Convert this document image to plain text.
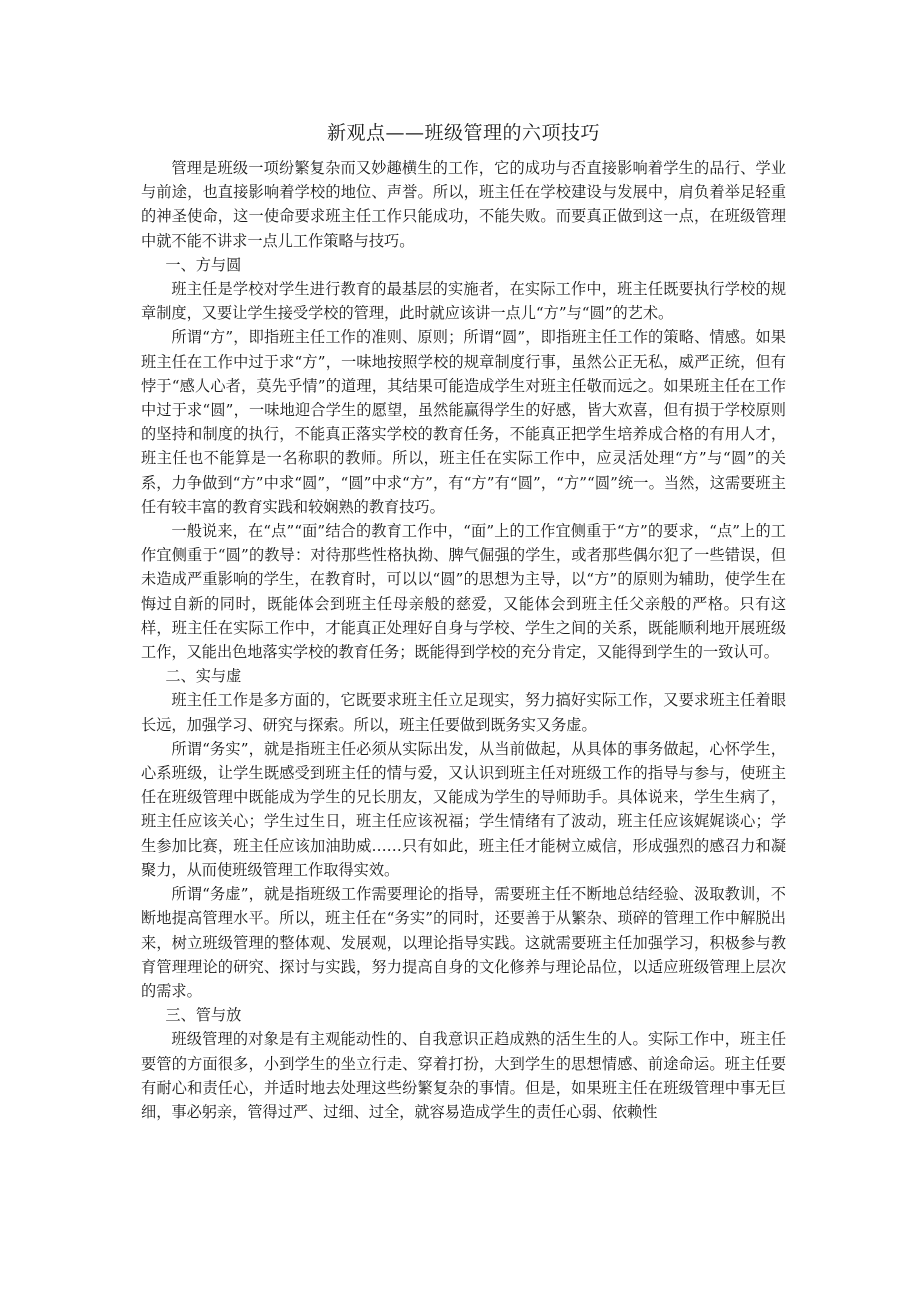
新观点——班级管理的六项技巧

管理是班级一项纷繁复杂而又妙趣横生的工作，它的成功与否直接影响着学生的品行、学业与前途，也直接影响着学校的地位、声誉。所以，班主任在学校建设与发展中，肩负着举足轻重的神圣使命，这一使命要求班主任工作只能成功，不能失败。而要真正做到这一点，在班级管理中就不能不讲求一点儿工作策略与技巧。

一、方与圆

班主任是学校对学生进行教育的最基层的实施者，在实际工作中，班主任既要执行学校的规章制度，又要让学生接受学校的管理，此时就应该讲一点儿“方”与“圆”的艺术。

所谓“方”，即指班主任工作的准则、原则；所谓“圆”，即指班主任工作的策略、情感。如果班主任在工作中过于求“方”，一味地按照学校的规章制度行事，虽然公正无私，威严正统，但有悖于“感人心者，莫先乎情”的道理，其结果可能造成学生对班主任敬而远之。如果班主任在工作中过于求“圆”，一味地迎合学生的愿望，虽然能赢得学生的好感，皆大欢喜，但有损于学校原则的坚持和制度的执行，不能真正落实学校的教育任务，不能真正把学生培养成合格的有用人才，班主任也不能算是一名称职的教师。所以，班主任在实际工作中，应灵活处理“方”与“圆”的关系，力争做到“方”中求“圆”，“圆”中求“方”，有“方”有“圆”，“方”“圆”统一。当然，这需要班主任有较丰富的教育实践和较娴熟的教育技巧。

一般说来，在“点”“面”结合的教育工作中，“面”上的工作宜侧重于“方”的要求，“点”上的工作宜侧重于“圆”的教导：对待那些性格执拗、脾气倔强的学生，或者那些偶尔犯了一些错误，但未造成严重影响的学生，在教育时，可以以“圆”的思想为主导，以“方”的原则为辅助，使学生在悔过自新的同时，既能体会到班主任母亲般的慈爱，又能体会到班主任父亲般的严格。只有这样，班主任在实际工作中，才能真正处理好自身与学校、学生之间的关系，既能顺利地开展班级工作，又能出色地落实学校的教育任务；既能得到学校的充分肯定，又能得到学生的一致认可。

二、实与虚

班主任工作是多方面的，它既要求班主任立足现实，努力搞好实际工作，又要求班主任着眼长远，加强学习、研究与探索。所以，班主任要做到既务实又务虚。

所谓“务实”，就是指班主任必须从实际出发，从当前做起，从具体的事务做起，心怀学生，心系班级，让学生既感受到班主任的情与爱，又认识到班主任对班级工作的指导与参与，使班主任在班级管理中既能成为学生的兄长朋友，又能成为学生的导师助手。具体说来，学生生病了，班主任应该关心；学生过生日，班主任应该祝福；学生情绪有了波动，班主任应该娓娓谈心；学生参加比赛，班主任应该加油助威……只有如此，班主任才能树立威信，形成强烈的感召力和凝聚力，从而使班级管理工作取得实效。

所谓“务虚”，就是指班级工作需要理论的指导，需要班主任不断地总结经验、汲取教训，不断地提高管理水平。所以，班主任在“务实”的同时，还要善于从繁杂、琐碎的管理工作中解脱出来，树立班级管理的整体观、发展观，以理论指导实践。这就需要班主任加强学习，积极参与教育管理理论的研究、探讨与实践，努力提高自身的文化修养与理论品位，以适应班级管理上层次的需求。

三、管与放

班级管理的对象是有主观能动性的、自我意识正趋成熟的活生生的人。实际工作中，班主任要管的方面很多，小到学生的坐立行走、穿着打扮，大到学生的思想情感、前途命运。班主任要有耐心和责任心，并适时地去处理这些纷繁复杂的事情。但是，如果班主任在班级管理中事无巨细，事必躬亲，管得过严、过细、过全，就容易造成学生的责任心弱、依赖性
